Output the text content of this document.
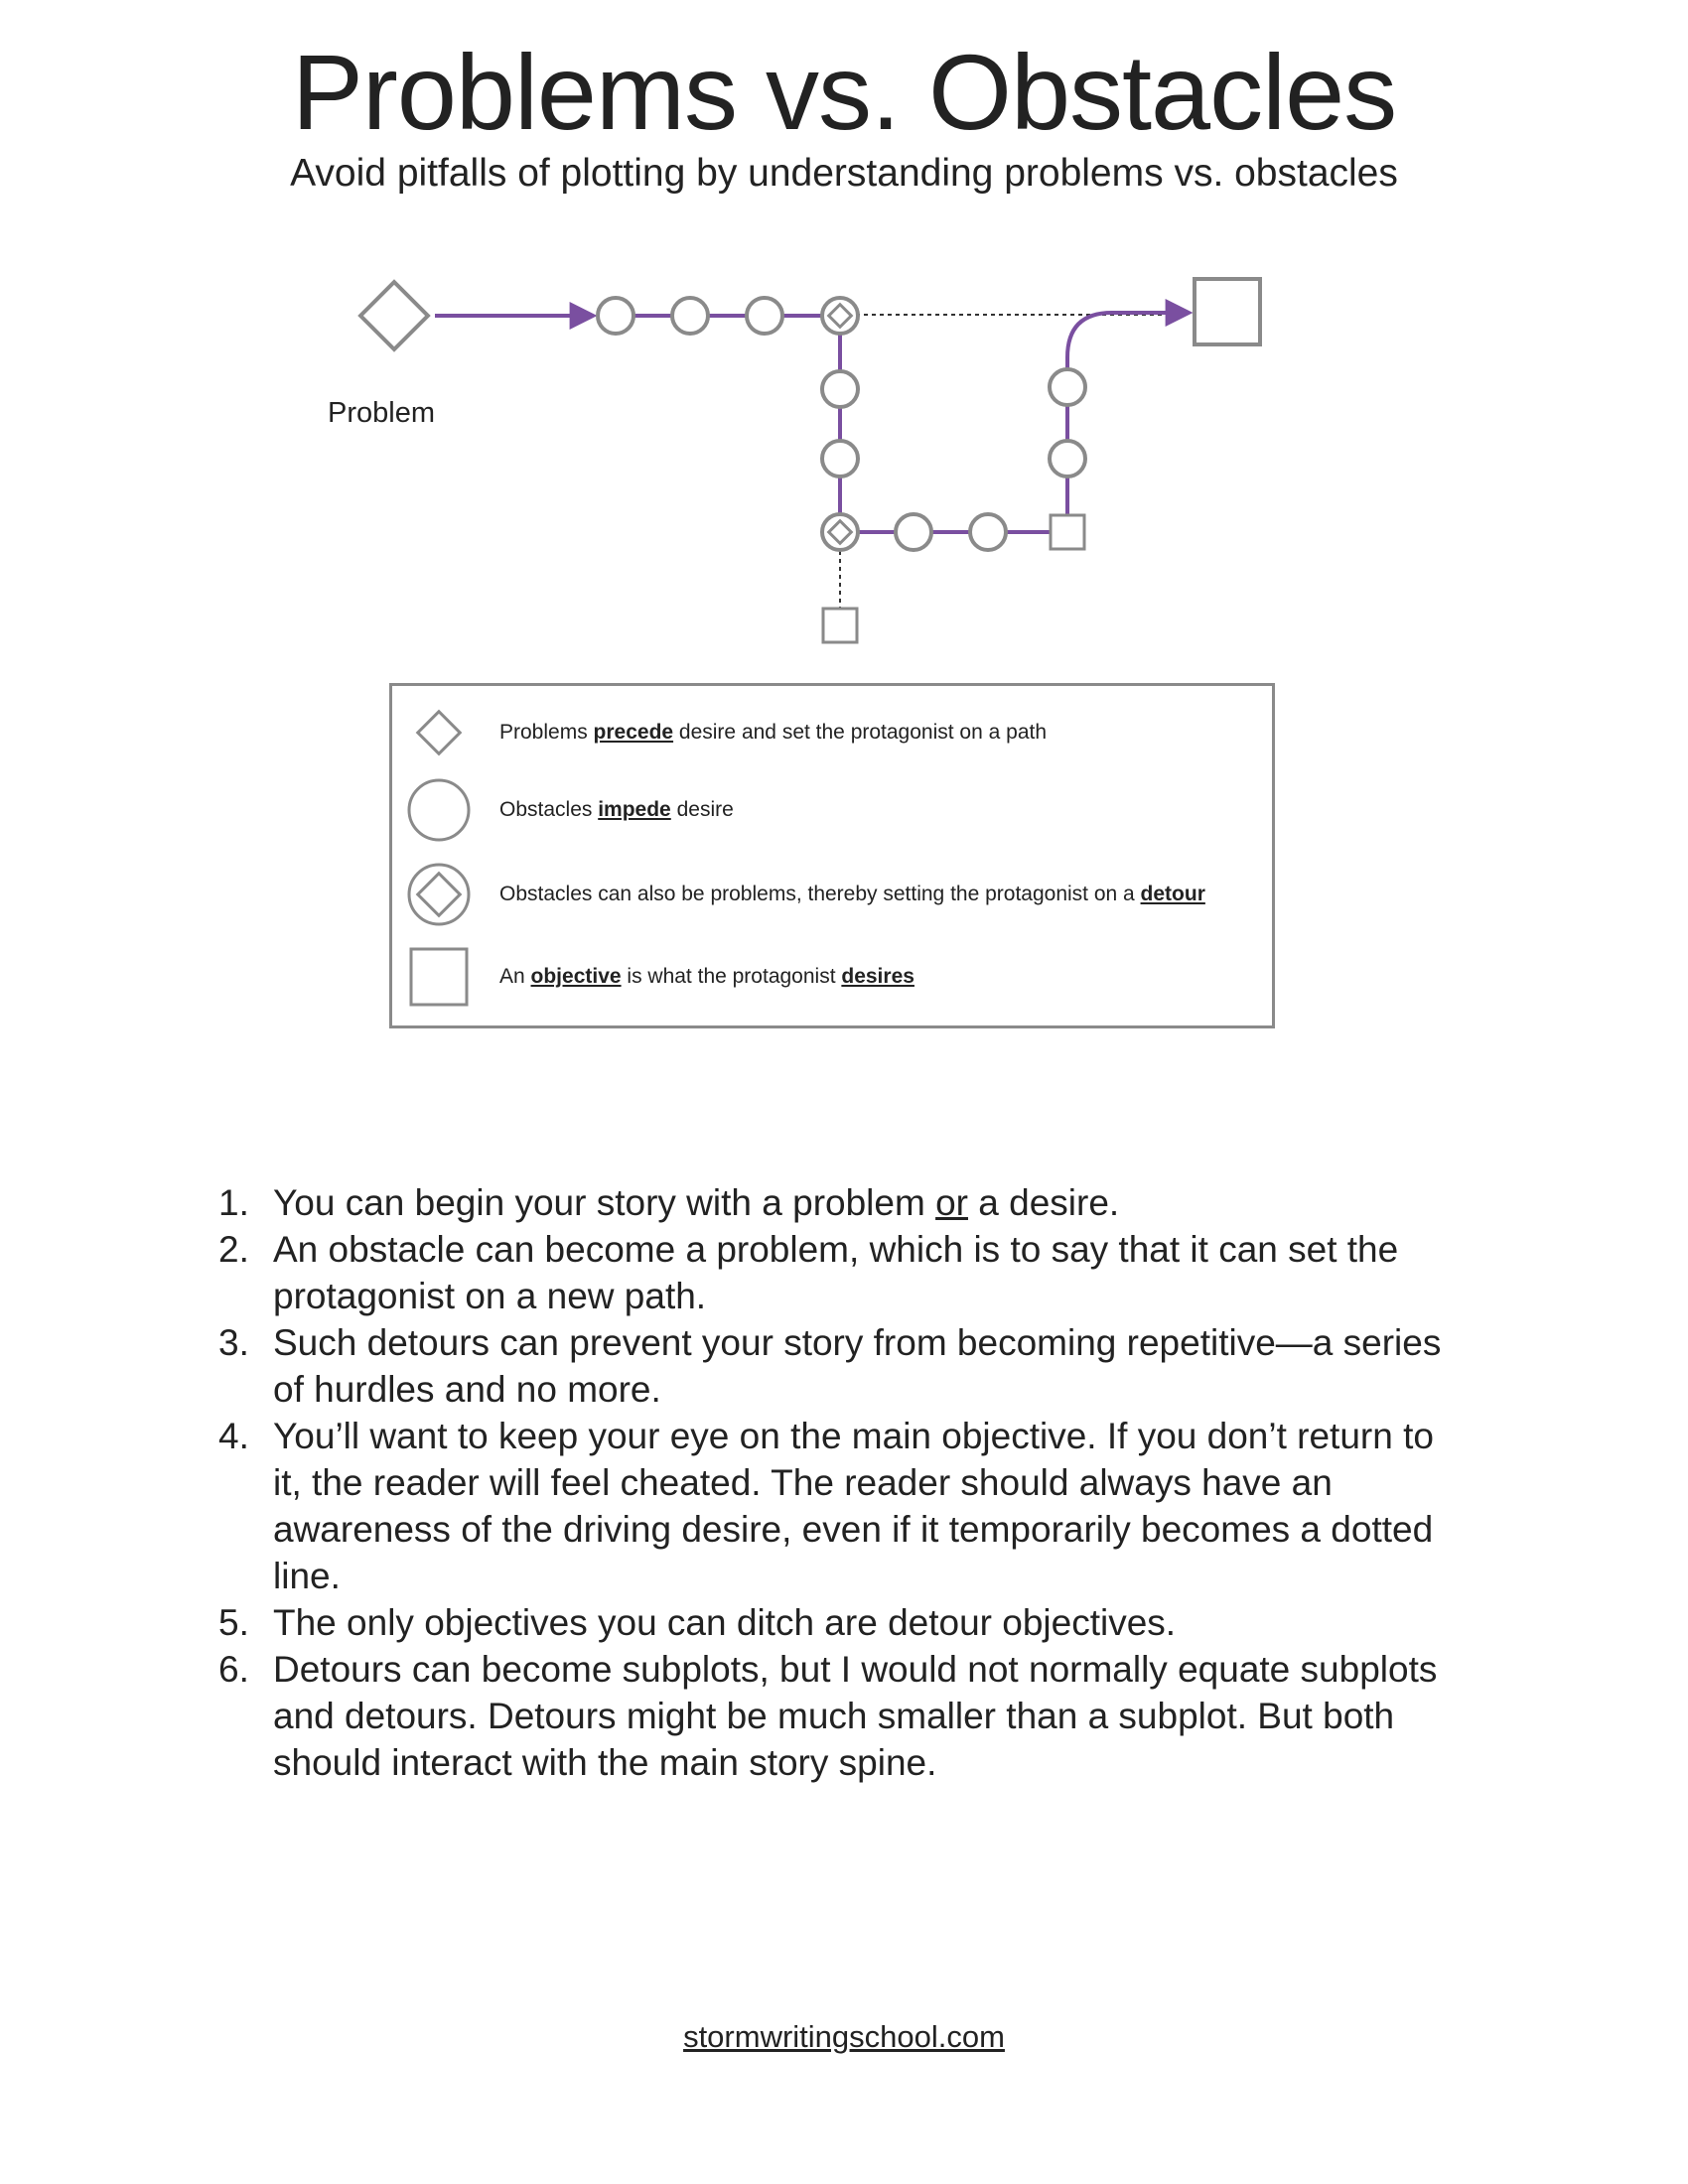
Problems vs. Obstacles

Avoid pitfalls of plotting by understanding problems vs. obstacles

Problem
Problems precede desire and set the protagonist on a path
Obstacles impede desire
Obstacles can also be problems, thereby setting the protagonist on a detour
An objective is what the protagonist desires
1. You can begin your story with a problem or a desire.
2. An obstacle can become a problem, which is to say that it can set the protagonist on a new path.
3. Such detours can prevent your story from becoming repetitive—a series of hurdles and no more.
4. You’ll want to keep your eye on the main objective. If you don’t return to it, the reader will feel cheated. The reader should always have an awareness of the driving desire, even if it temporarily becomes a dotted line.
5. The only objectives you can ditch are detour objectives.
6. Detours can become subplots, but I would not normally equate subplots and detours. Detours might be much smaller than a subplot. But both should interact with the main story spine.
stormwritingschool.com
